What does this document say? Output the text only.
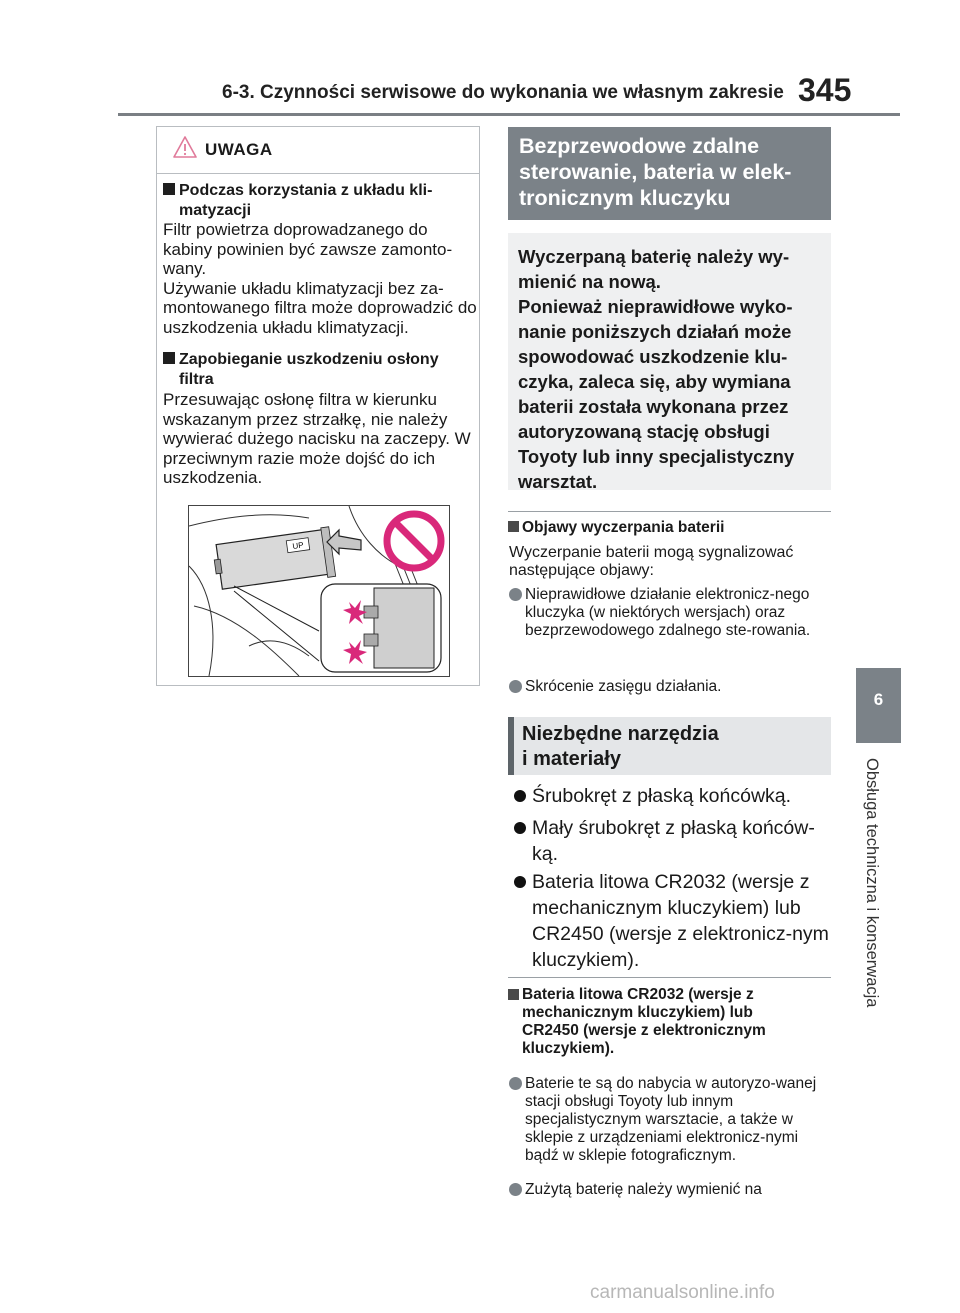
6-3. Czynności serwisowe do wykonania we własnym zakresie 345
6
Obsługa techniczna i konserwacja
UWAGA
Podczas korzystania z układu kli-
matyzacji
Filtr powietrza doprowadzanego do kabiny powinien być zawsze zamonto-wany.
Używanie układu klimatyzacji bez za-montowanego filtra może doprowadzić do uszkodzenia układu klimatyzacji.
Zapobieganie uszkodzeniu osłony
filtra
Przesuwając osłonę filtra w kierunku wskazanym przez strzałkę, nie należy wywierać dużego nacisku na zaczepy. W przeciwnym razie może dojść do ich uszkodzenia.
UP
Bezprzewodowe zdalne sterowanie, bateria w elek-tronicznym kluczyku
Wyczerpaną baterię należy wy-mienić na nową.
Ponieważ nieprawidłowe wyko-nanie poniższych działań może spowodować uszkodzenie klu-czyka, zaleca się, aby wymiana baterii została wykonana przez autoryzowaną stację obsługi Toyoty lub inny specjalistyczny warsztat.
Objawy wyczerpania baterii
Wyczerpanie baterii mogą sygnalizować następujące objawy:
Nieprawidłowe działanie elektronicz-nego kluczyka (w niektórych wersjach) oraz bezprzewodowego zdalnego ste-rowania.
Skrócenie zasięgu działania.
Niezbędne narzędzia
i materiały
Śrubokręt z płaską końcówką.
Mały śrubokręt z płaską końców-ką.
Bateria litowa CR2032 (wersje z mechanicznym kluczykiem) lub CR2450 (wersje z elektronicz-nym kluczykiem).
Bateria litowa CR2032 (wersje z mechanicznym kluczykiem) lub CR2450 (wersje z elektronicznym kluczykiem).
Baterie te są do nabycia w autoryzo-wanej stacji obsługi Toyoty lub innym specjalistycznym warsztacie, a także w sklepie z urządzeniami elektronicz-nymi bądź w sklepie fotograficznym.
Zużytą baterię należy wymienić na
carmanualsonline.info
